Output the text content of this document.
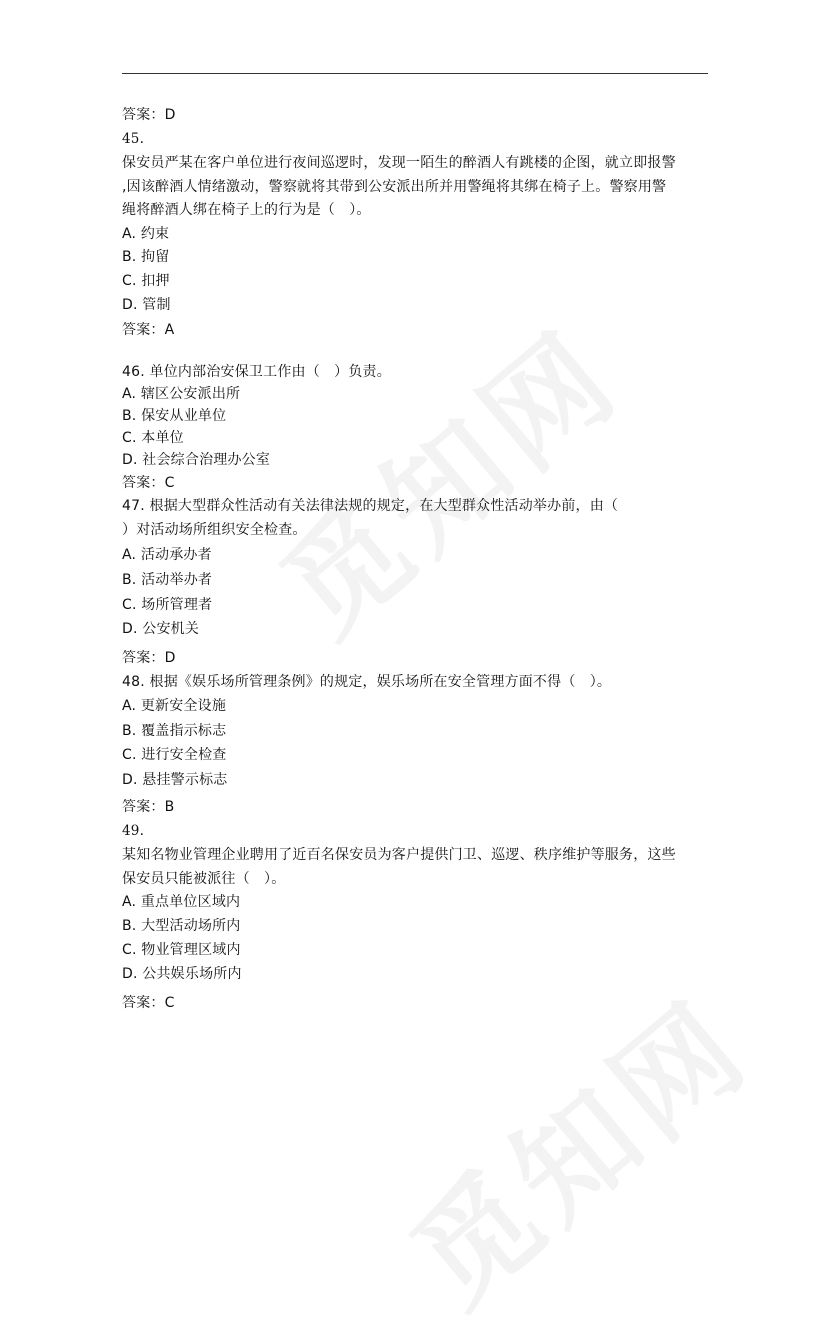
答案：D
45.
保安员严某在客户单位进行夜间巡逻时，发现一陌生的醉酒人有跳楼的企图，就立即报警
,因该醉酒人情绪激动，警察就将其带到公安派出所并用警绳将其绑在椅子上。警察用警
绳将醉酒人绑在椅子上的行为是（　）。
A. 约束
B. 拘留
C. 扣押
D. 管制
答案：A
46. 单位内部治安保卫工作由（　）负责。
A. 辖区公安派出所
B. 保安从业单位
C. 本单位
D. 社会综合治理办公室
答案：C
47. 根据大型群众性活动有关法律法规的规定，在大型群众性活动举办前，由（
）对活动场所组织安全检查。
A. 活动承办者
B. 活动举办者
C. 场所管理者
D. 公安机关
答案：D
48. 根据《娱乐场所管理条例》的规定，娱乐场所在安全管理方面不得（　）。
A. 更新安全设施
B. 覆盖指示标志
C. 进行安全检查
D. 悬挂警示标志
答案：B
49.
某知名物业管理企业聘用了近百名保安员为客户提供门卫、巡逻、秩序维护等服务，这些
保安员只能被派往（　）。
A. 重点单位区域内
B. 大型活动场所内
C. 物业管理区域内
D. 公共娱乐场所内
答案：C
